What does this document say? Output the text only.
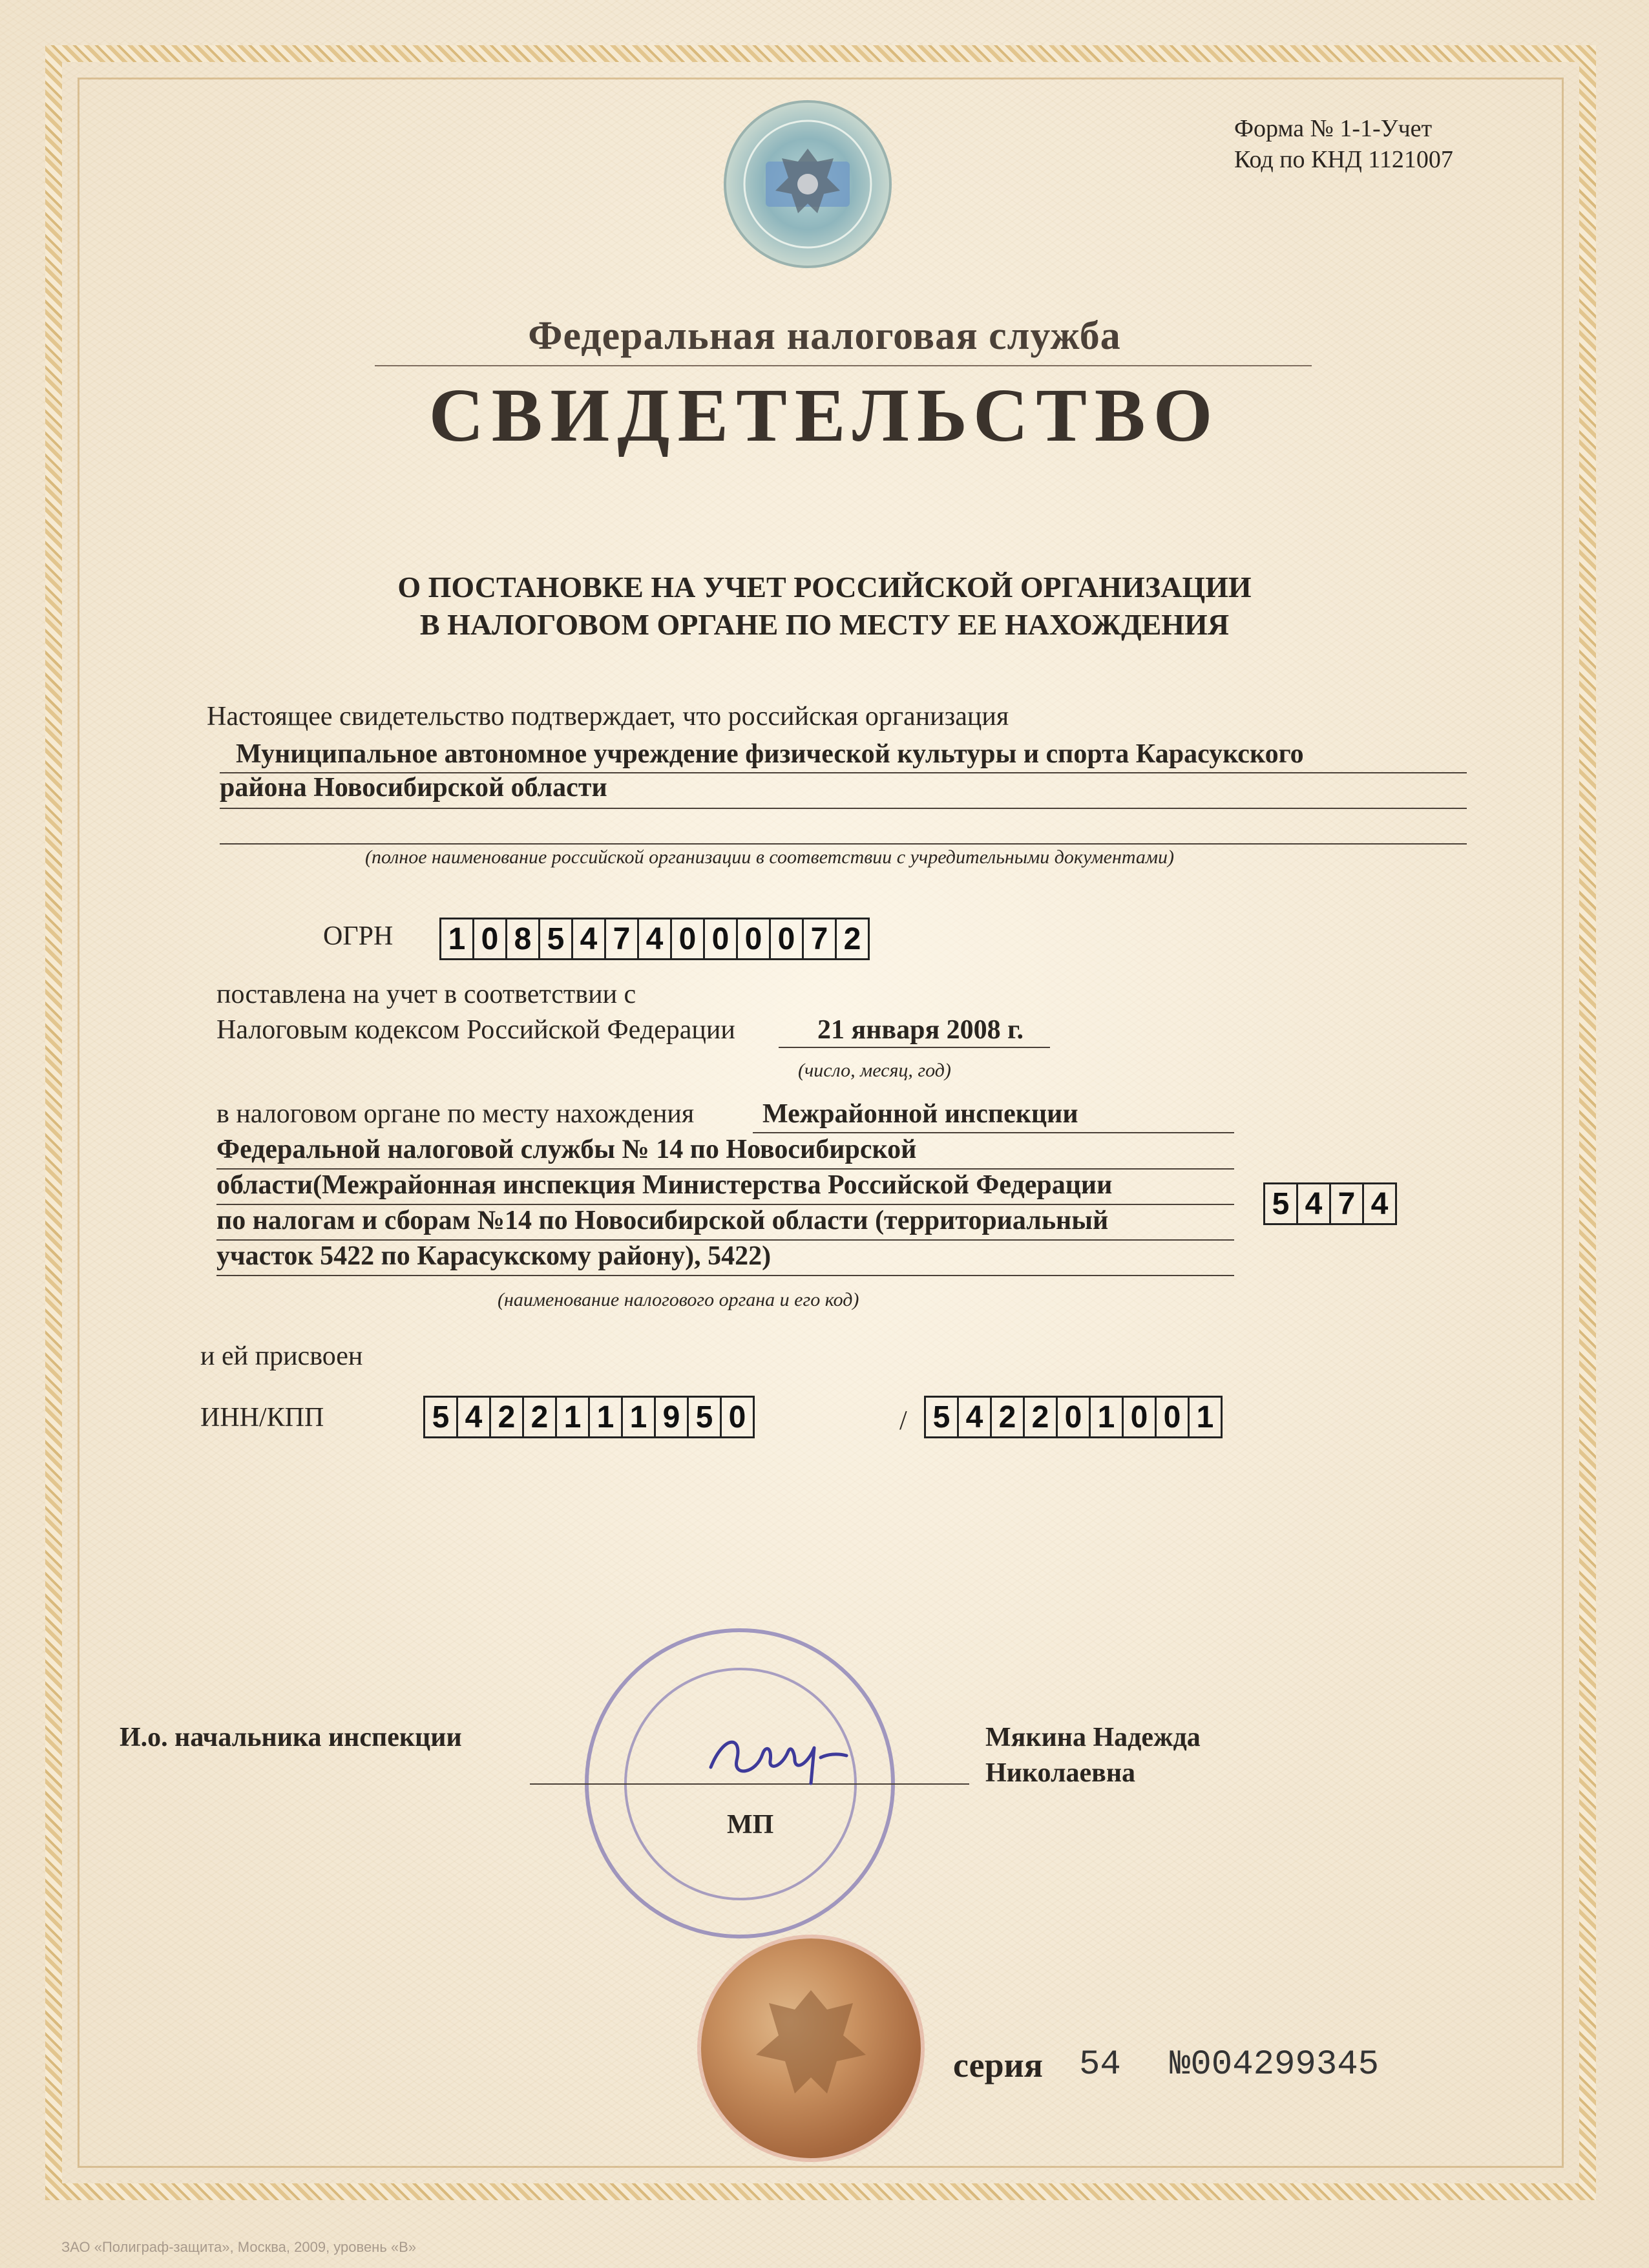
Форма № 1-1-Учет
Код по КНД 1121007
Федеральная налоговая служба
СВИДЕТЕЛЬСТВО
О ПОСТАНОВКЕ НА УЧЕТ РОССИЙСКОЙ ОРГАНИЗАЦИИ
В НАЛОГОВОМ ОРГАНЕ ПО МЕСТУ ЕЕ НАХОЖДЕНИЯ
Настоящее свидетельство подтверждает, что российская организация
Муниципальное автономное учреждение физической культуры и спорта Карасукского
района Новосибирской области
(полное наименование российской организации в соответствии с учредительными документами)
ОГРН 1 0 8 5 4 7 4 0 0 0 0 7 2
поставлена на учет в соответствии с
Налоговым кодексом Российской Федерации	21 января 2008 г.
(число, месяц, год)
в налоговом органе по месту нахождения	Межрайонной инспекции
Федеральной налоговой службы № 14 по Новосибирской
области(Межрайонная инспекция Министерства Российской Федерации
по налогам и сборам №14 по Новосибирской области (территориальный
участок 5422 по Карасукскому району), 5422)
5 4 7 4
(наименование налогового органа и его код)
и ей присвоен
ИНН/КПП	5 4 2 2 1 1 1 9 5 0	/ 5 4 2 2 0 1 0 0 1
И.о. начальника инспекции
МП
Мякина Надежда
Николаевна
серия 54 №004299345
ЗАО «Полиграф-защита», Москва, 2009, уровень «В»
